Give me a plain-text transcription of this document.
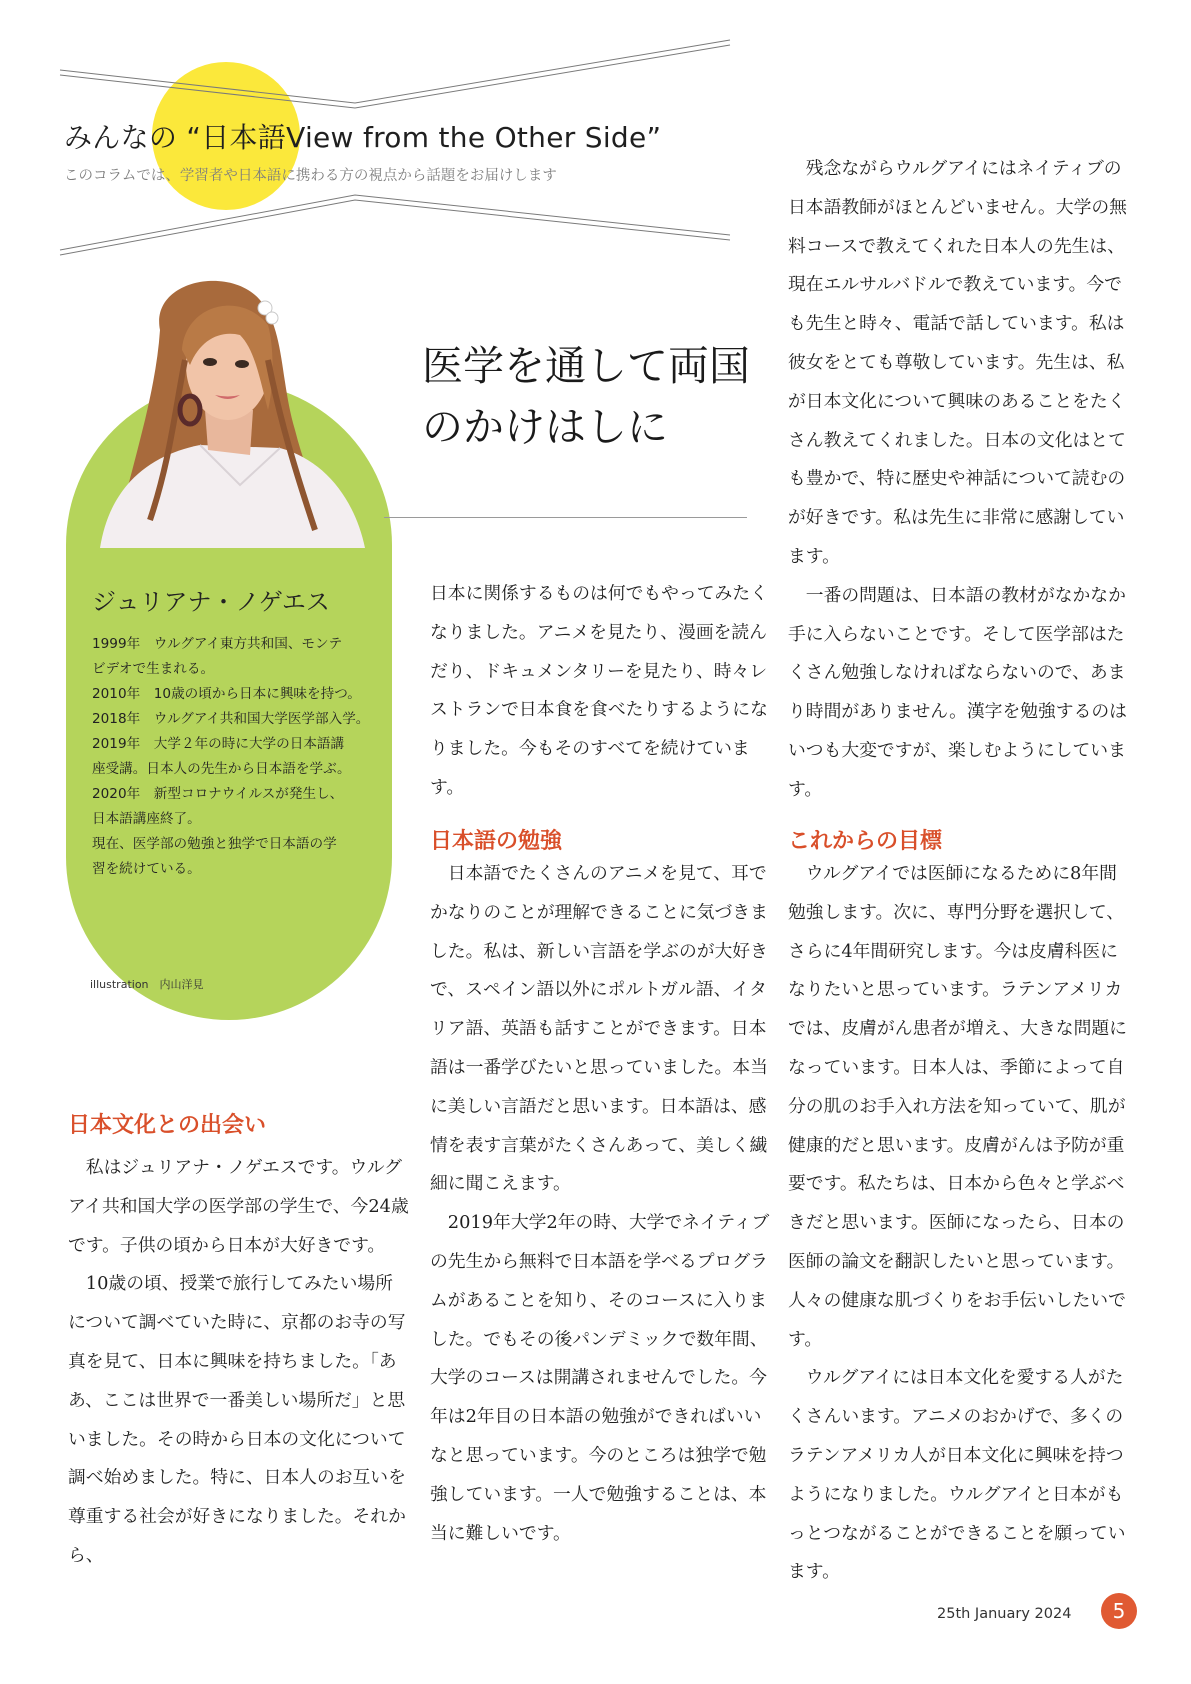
みんなの “日本語View from the Other Side”
このコラムでは、学習者や日本語に携わる方の視点から話題をお届けします
ジュリアナ・ノゲエス
1999年　ウルグアイ東方共和国、モンテ
ビデオで生まれる。
2010年　10歳の頃から日本に興味を持つ。
2018年　ウルグアイ共和国大学医学部入学。
2019年　大学２年の時に大学の日本語講
座受講。日本人の先生から日本語を学ぶ。
2020年　新型コロナウイルスが発生し、
日本語講座終了。
現在、医学部の勉強と独学で日本語の学
習を続けている。
illustration　内山洋見
医学を通して両国
のかけはしに
日本文化との出会い

私はジュリアナ・ノゲエスです。ウルグアイ共和国大学の医学部の学生で、今24歳です。子供の頃から日本が大好きです。

10歳の頃、授業で旅行してみたい場所について調べていた時に、京都のお寺の写真を見て、日本に興味を持ちました。「ああ、ここは世界で一番美しい場所だ」と思いました。その時から日本の文化について調べ始めました。特に、日本人のお互いを尊重する社会が好きになりました。それから、

日本に関係するものは何でもやってみたくなりました。アニメを見たり、漫画を読んだり、ドキュメンタリーを見たり、時々レストランで日本食を食べたりするようになりました。今もそのすべてを続けています。

日本語の勉強

日本語でたくさんのアニメを見て、耳でかなりのことが理解できることに気づきました。私は、新しい言語を学ぶのが大好きで、スペイン語以外にポルトガル語、イタリア語、英語も話すことができます。日本語は一番学びたいと思っていました。本当に美しい言語だと思います。日本語は、感情を表す言葉がたくさんあって、美しく繊細に聞こえます。

2019年大学2年の時、大学でネイティブの先生から無料で日本語を学べるプログラムがあることを知り、そのコースに入りました。でもその後パンデミックで数年間、大学のコースは開講されませんでした。今年は2年目の日本語の勉強ができればいいなと思っています。今のところは独学で勉強しています。一人で勉強することは、本当に難しいです。

残念ながらウルグアイにはネイティブの日本語教師がほとんどいません。大学の無料コースで教えてくれた日本人の先生は、現在エルサルバドルで教えています。今でも先生と時々、電話で話しています。私は彼女をとても尊敬しています。先生は、私が日本文化について興味のあることをたくさん教えてくれました。日本の文化はとても豊かで、特に歴史や神話について読むのが好きです。私は先生に非常に感謝しています。

一番の問題は、日本語の教材がなかなか手に入らないことです。そして医学部はたくさん勉強しなければならないので、あまり時間がありません。漢字を勉強するのはいつも大変ですが、楽しむようにしています。

これからの目標

ウルグアイでは医師になるために8年間勉強します。次に、専門分野を選択して、さらに4年間研究します。今は皮膚科医になりたいと思っています。ラテンアメリカでは、皮膚がん患者が増え、大きな問題になっています。日本人は、季節によって自分の肌のお手入れ方法を知っていて、肌が健康的だと思います。皮膚がんは予防が重要です。私たちは、日本から色々と学ぶべきだと思います。医師になったら、日本の医師の論文を翻訳したいと思っています。人々の健康な肌づくりをお手伝いしたいです。

ウルグアイには日本文化を愛する人がたくさんいます。アニメのおかげで、多くのラテンアメリカ人が日本文化に興味を持つようになりました。ウルグアイと日本がもっとつながることができることを願っています。

25th January 2024	5
